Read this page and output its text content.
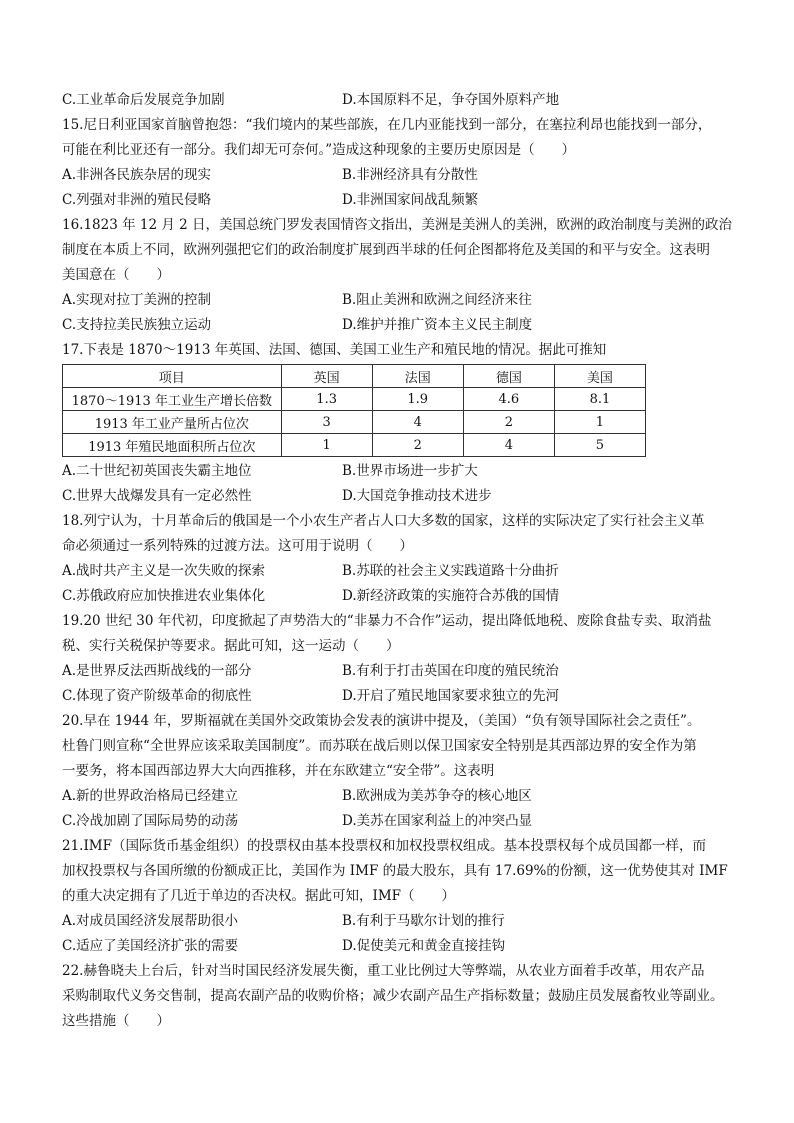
C.工业革命后发展竞争加剧	D.本国原料不足，争夺国外原料产地
15.尼日利亚国家首脑曾抱怨：“我们境内的某些部族，在几内亚能找到一部分，在塞拉利昂也能找到一部分，
可能在利比亚还有一部分。我们却无可奈何。”造成这种现象的主要历史原因是（　　）
A.非洲各民族杂居的现实	B.非洲经济具有分散性
C.列强对非洲的殖民侵略	D.非洲国家间战乱频繁
16.1823 年 12 月 2 日，美国总统门罗发表国情咨文指出，美洲是美洲人的美洲，欧洲的政治制度与美洲的政治
制度在本质上不同，欧洲列强把它们的政治制度扩展到西半球的任何企图都将危及美国的和平与安全。这表明
美国意在（　　）
A.实现对拉丁美洲的控制	B.阻止美洲和欧洲之间经济来往
C.支持拉美民族独立运动	D.维护并推广资本主义民主制度
17.下表是 1870～1913 年英国、法国、德国、美国工业生产和殖民地的情况。据此可推知
项目	英国	法国	德国	美国
1870～1913 年工业生产增长倍数	1.3	1.9	4.6	8.1
1913 年工业产量所占位次	3	4	2	1
1913 年殖民地面积所占位次	1	2	4	5
A.二十世纪初英国丧失霸主地位	B.世界市场进一步扩大
C.世界大战爆发具有一定必然性	D.大国竞争推动技术进步
18.列宁认为，十月革命后的俄国是一个小农生产者占人口大多数的国家，这样的实际决定了实行社会主义革
命必须通过一系列特殊的过渡方法。这可用于说明（　　）
A.战时共产主义是一次失败的探索	B.苏联的社会主义实践道路十分曲折
C.苏俄政府应加快推进农业集体化	D.新经济政策的实施符合苏俄的国情
19.20 世纪 30 年代初，印度掀起了声势浩大的“非暴力不合作”运动，提出降低地税、废除食盐专卖、取消盐
税、实行关税保护等要求。据此可知，这一运动（　　）
A.是世界反法西斯战线的一部分	B.有利于打击英国在印度的殖民统治
C.体现了资产阶级革命的彻底性	D.开启了殖民地国家要求独立的先河
20.早在 1944 年，罗斯福就在美国外交政策协会发表的演讲中提及，（美国）“负有领导国际社会之责任”。
杜鲁门则宣称“全世界应该采取美国制度”。而苏联在战后则以保卫国家安全特别是其西部边界的安全作为第
一要务，将本国西部边界大大向西推移，并在东欧建立“安全带”。这表明
A.新的世界政治格局已经建立	B.欧洲成为美苏争夺的核心地区
C.冷战加剧了国际局势的动荡	D.美苏在国家利益上的冲突凸显
21.IMF（国际货币基金组织）的投票权由基本投票权和加权投票权组成。基本投票权每个成员国都一样，而
加权投票权与各国所缴的份额成正比，美国作为 IMF 的最大股东，具有 17.69%的份额，这一优势使其对 IMF
的重大决定拥有了几近于单边的否决权。据此可知，IMF（　　）
A.对成员国经济发展帮助很小	B.有利于马歇尔计划的推行
C.适应了美国经济扩张的需要	D.促使美元和黄金直接挂钩
22.赫鲁晓夫上台后，针对当时国民经济发展失衡，重工业比例过大等弊端，从农业方面着手改革，用农产品
采购制取代义务交售制，提高农副产品的收购价格；减少农副产品生产指标数量；鼓励庄员发展畜牧业等副业。
这些措施（　　）
